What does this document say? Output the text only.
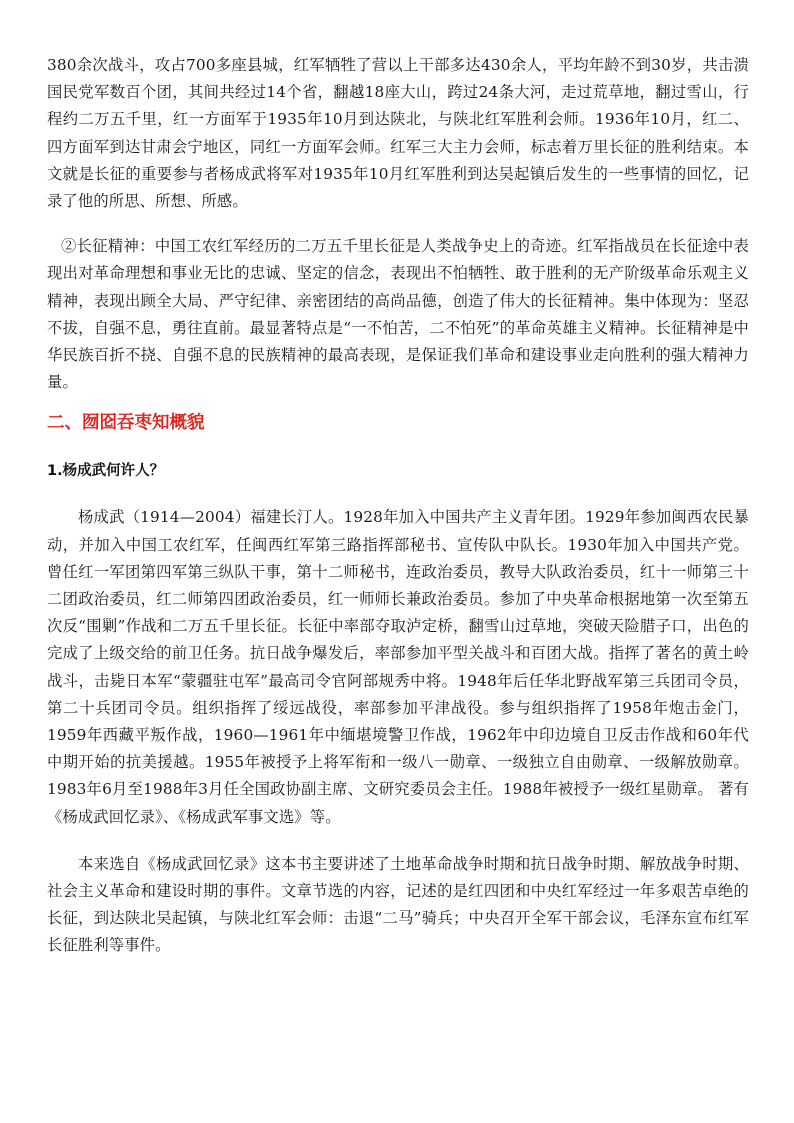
380余次战斗，攻占700多座县城，红军牺牲了营以上干部多达430余人，平均年龄不到30岁，共击溃国民党军数百个团，其间共经过14个省，翻越18座大山，跨过24条大河，走过荒草地，翻过雪山，行程约二万五千里，红一方面军于1935年10月到达陕北，与陕北红军胜利会师。1936年10月，红二、四方面军到达甘肃会宁地区，同红一方面军会师。红军三大主力会师，标志着万里长征的胜利结束。本文就是长征的重要参与者杨成武将军对1935年10月红军胜利到达吴起镇后发生的一些事情的回忆，记录了他的所思、所想、所感。

②长征精神：中国工农红军经历的二万五千里长征是人类战争史上的奇迹。红军指战员在长征途中表现出对革命理想和事业无比的忠诚、坚定的信念，表现出不怕牺牲、敢于胜利的无产阶级革命乐观主义精神，表现出顾全大局、严守纪律、亲密团结的高尚品德，创造了伟大的长征精神。集中体现为：坚忍不拔，自强不息，勇往直前。最显著特点是“一不怕苦，二不怕死”的革命英雄主义精神。长征精神是中华民族百折不挠、自强不息的民族精神的最高表现，是保证我们革命和建设事业走向胜利的强大精神力量。

二、囫囵吞枣知概貌
1.杨成武何许人？

杨成武（1914—2004）福建长汀人。1928年加入中国共产主义青年团。1929年参加闽西农民暴动，并加入中国工农红军，任闽西红军第三路指挥部秘书、宣传队中队长。1930年加入中国共产党。曾任红一军团第四军第三纵队干事，第十二师秘书，连政治委员，教导大队政治委员，红十一师第三十二团政治委员，红二师第四团政治委员，红一师师长兼政治委员。参加了中央革命根据地第一次至第五次反“围剿”作战和二万五千里长征。长征中率部夺取泸定桥，翻雪山过草地，突破天险腊子口，出色的完成了上级交给的前卫任务。抗日战争爆发后，率部参加平型关战斗和百团大战。指挥了著名的黄土岭战斗，击毙日本军“蒙疆驻屯军”最高司令官阿部规秀中将。1948年后任华北野战军第三兵团司令员，第二十兵团司令员。组织指挥了绥远战役，率部参加平津战役。参与组织指挥了1958年炮击金门，1959年西藏平叛作战，1960—1961年中缅堪境警卫作战，1962年中印边境自卫反击作战和60年代中期开始的抗美援越。1955年被授予上将军衔和一级八一勋章、一级独立自由勋章、一级解放勋章。1983年6月至1988年3月任全国政协副主席、文研究委员会主任。1988年被授予一级红星勋章。 著有《杨成武回忆录》、《杨成武军事文选》等。

本来选自《杨成武回忆录》这本书主要讲述了土地革命战争时期和抗日战争时期、解放战争时期、社会主义革命和建设时期的事件。文章节选的内容，记述的是红四团和中央红军经过一年多艰苦卓绝的长征，到达陕北吴起镇，与陕北红军会师：击退“二马”骑兵；中央召开全军干部会议，毛泽东宣布红军长征胜利等事件。
